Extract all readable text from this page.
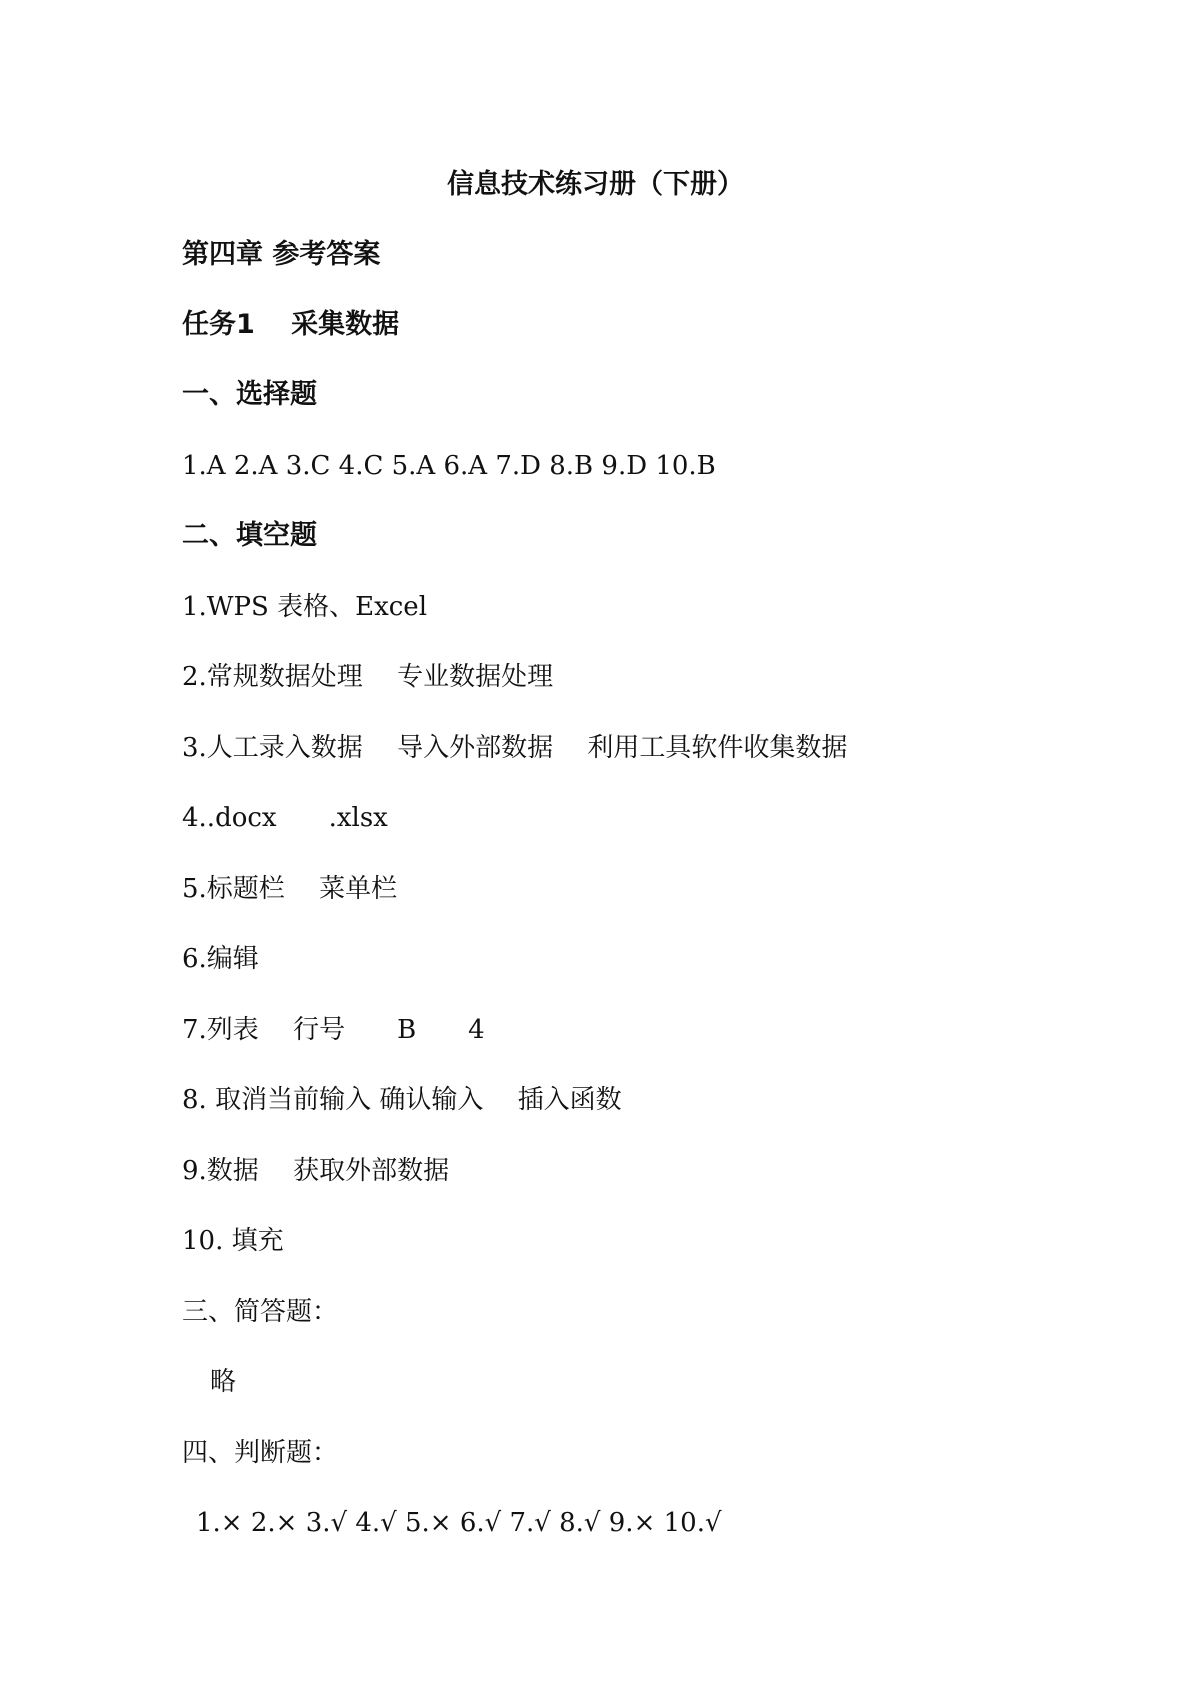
信息技术练习册（下册）
第四章 参考答案
任务1　 采集数据
一、选择题
1.A 2.A 3.C 4.C 5.A 6.A 7.D 8.B 9.D 10.B
二、填空题
1.WPS 表格、Excel
2.常规数据处理　 专业数据处理
3.人工录入数据　 导入外部数据　 利用工具软件收集数据
4..docx　　.xlsx
5.标题栏　 菜单栏
6.编辑
7.列表　 行号　　B　　4
8. 取消当前输入 确认输入　 插入函数
9.数据　 获取外部数据
10. 填充
三、简答题：
略
四、判断题：
1.× 2.× 3.√ 4.√ 5.× 6.√ 7.√ 8.√ 9.× 10.√
